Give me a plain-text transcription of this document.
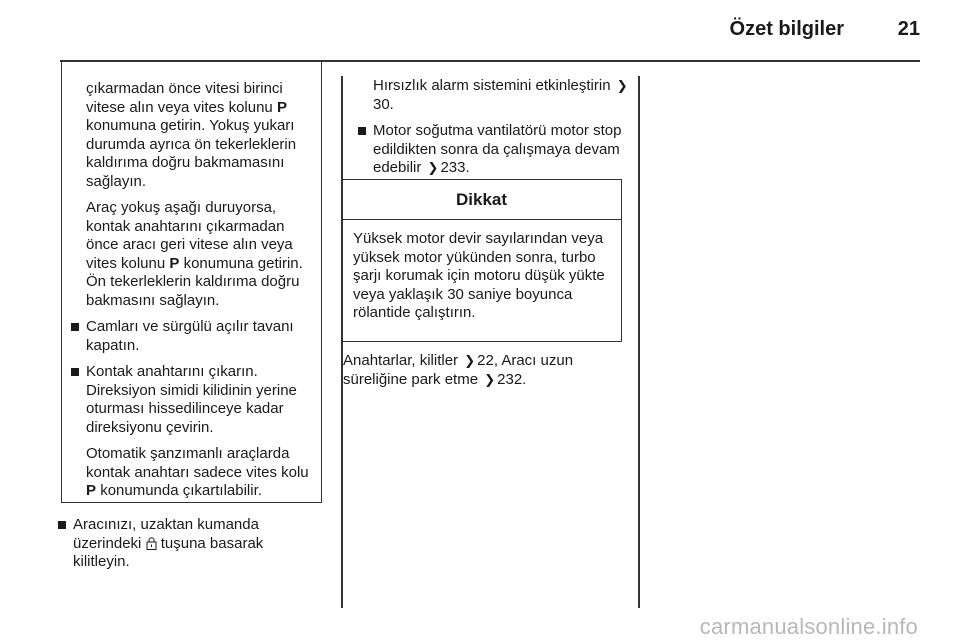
Özet bilgiler	21

çıkarmadan önce vitesi birinci vitese alın veya vites kolunu P konumuna getirin. Yokuş yukarı durumda ayrıca ön tekerleklerin kaldırıma doğru bakmamasını sağlayın.

Araç yokuş aşağı duruyorsa, kontak anahtarını çıkarmadan önce aracı geri vitese alın veya vites kolunu P konumuna getirin. Ön tekerleklerin kaldırıma doğru bakmasını sağlayın.

Camları ve sürgülü açılır tavanı kapatın.

Kontak anahtarını çıkarın. Direksiyon simidi kilidinin yerine oturması hissedilinceye kadar direksiyonu çevirin.

Otomatik şanzımanlı araçlarda kontak anahtarı sadece vites kolu P konumunda çıkartılabilir.

Aracınızı, uzaktan kumanda üzerindeki tuşuna basarak kilitleyin.

Hırsızlık alarm sistemini etkinleştirin ❯30.

Motor soğutma vantilatörü motor stop edildikten sonra da çalışmaya devam edebilir ❯ 233.

Dikkat

Yüksek motor devir sayılarından veya yüksek motor yükünden sonra, turbo şarjı korumak için motoru düşük yükte veya yaklaşık 30 saniye boyunca rölantide çalıştırın.

Anahtarlar, kilitler ❯ 22, Aracı uzun süreliğine park etme ❯ 232.

carmanualsonline.info
